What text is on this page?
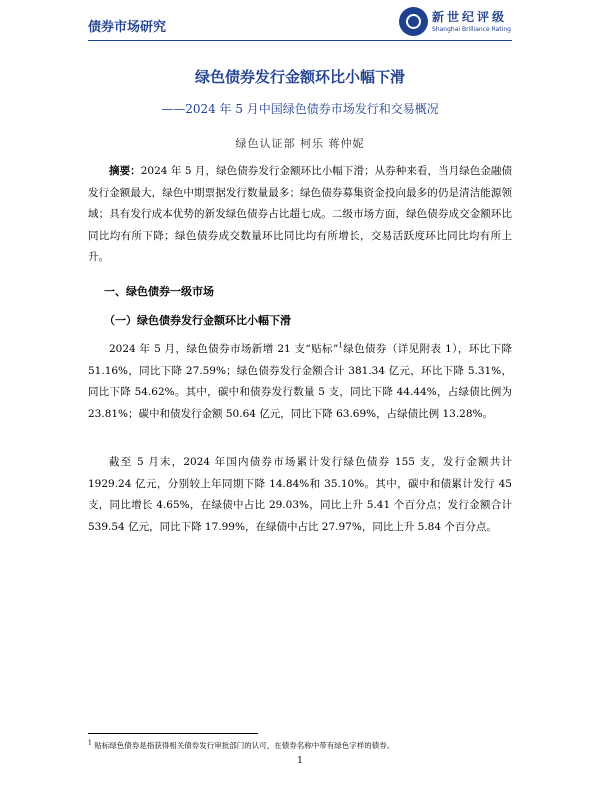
债券市场研究
新世纪评级
Shanghai Brilliance Rating
绿色债券发行金额环比小幅下滑
——2024 年 5 月中国绿色债券市场发行和交易概况
绿色认证部 柯乐 蒋仲妮
摘要：2024 年 5 月，绿色债券发行金额环比小幅下滑；从券种来看，当月绿色金融债发行金额最大，绿色中期票据发行数量最多；绿色债券募集资金投向最多的仍是清洁能源领域；具有发行成本优势的新发绿色债券占比超七成。二级市场方面，绿色债券成交金额环比同比均有所下降；绿色债券成交数量环比同比均有所增长，交易活跃度环比同比均有所上升。
一、绿色债券一级市场
（一）绿色债券发行金额环比小幅下滑
2024 年 5 月，绿色债券市场新增 21 支“贴标”$^1$绿色债券（详见附表 1），环比下降 51.16%，同比下降 27.59%；绿色债券发行金额合计 381.34 亿元，环比下降 5.31%，同比下降 54.62%。其中，碳中和债券发行数量 5 支，同比下降 44.44%，占绿债比例为 23.81%；碳中和债发行金额 50.64 亿元，同比下降 63.69%，占绿债比例 13.28%。
截至 5 月末，2024 年国内债券市场累计发行绿色债券 155 支，发行金额共计 1929.24 亿元，分别较上年同期下降 14.84%和 35.10%。其中，碳中和债累计发行 45 支，同比增长 4.65%，在绿债中占比 29.03%，同比上升 5.41 个百分点；发行金额合计 539.54 亿元，同比下降 17.99%，在绿债中占比 27.97%，同比上升 5.84 个百分点。
$^1$ 贴标绿色债券是指获得相关债券发行审批部门的认可，在债券名称中带有绿色字样的债券。
1
